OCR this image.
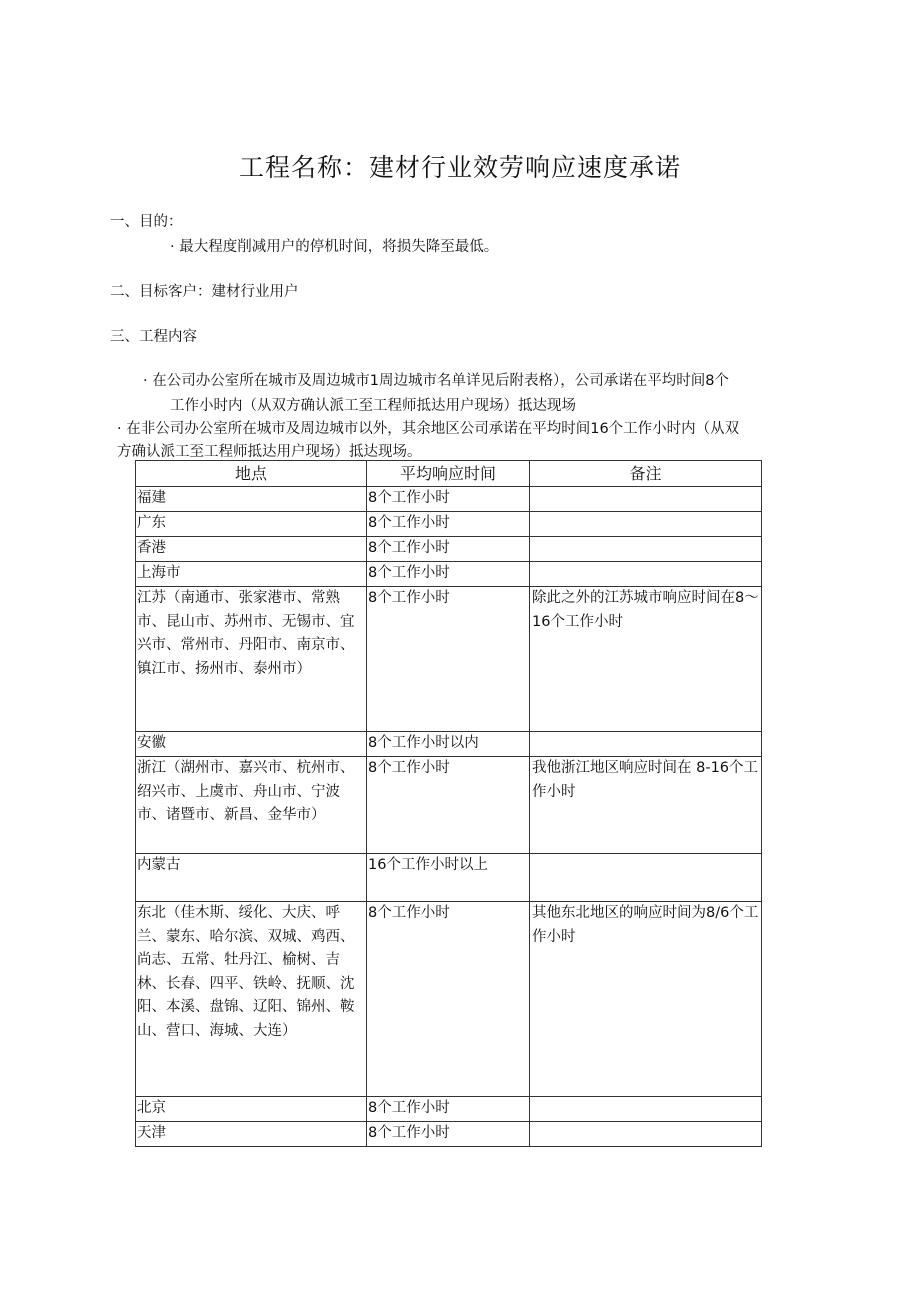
工程名称：建材行业效劳响应速度承诺
一、目的：
· 最大程度削减用户的停机时间，将损失降至最低。
二、目标客户：建材行业用户
三、工程内容
· 在公司办公室所在城市及周边城市1周边城市名单详见后附表格），公司承诺在平均时间8个
工作小时内（从双方确认派工至工程师抵达用户现场）抵达现场
· 在非公司办公室所在城市及周边城市以外，其余地区公司承诺在平均时间16个工作小时内（从双
方确认派工至工程师抵达用户现场）抵达现场。
地点	平均响应时间	备注
福建	8个工作小时	
广东	8个工作小时	
香港	8个工作小时	
上海市	8个工作小时	
江苏（南通市、张家港市、常熟市、昆山市、苏州市、无锡市、宜兴市、常州市、丹阳市、南京市、镇江市、扬州市、泰州市）	8个工作小时	除此之外的江苏城市响应时间在8〜16个工作小时
安徽	8个工作小时以内	
浙江（湖州市、嘉兴市、杭州市、绍兴市、上虞市、舟山市、宁波市、诸暨市、新昌、金华市）	8个工作小时	我他浙江地区响应时间在 8-16个工作小时
内蒙古	16个工作小时以上	
东北（佳木斯、绥化、大庆、呼兰、蒙东、哈尔滨、双城、鸡西、尚志、五常、牡丹江、榆树、吉林、长春、四平、铁岭、抚顺、沈阳、本溪、盘锦、辽阳、锦州、鞍山、营口、海城、大连）	8个工作小时	其他东北地区的响应时间为8/6个工作小时
北京	8个工作小时	
天津	8个工作小时	
